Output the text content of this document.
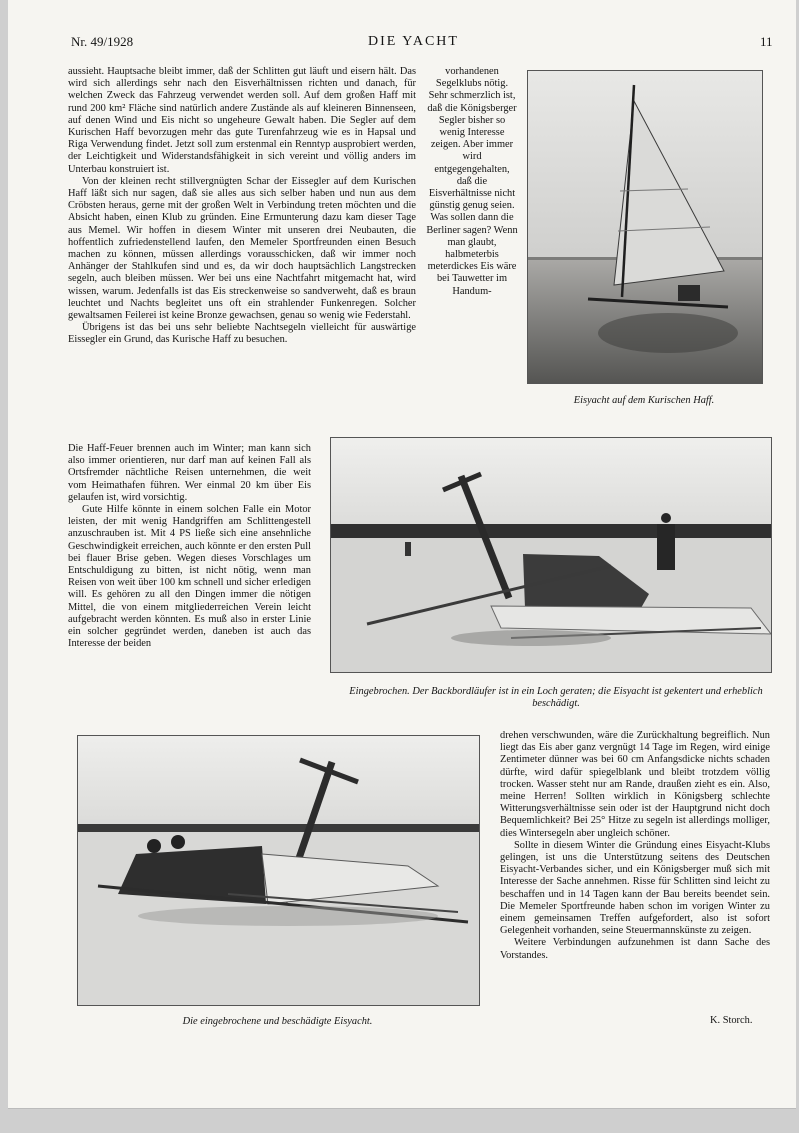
Nr. 49/1928	DIE YACHT	11

aussieht. Hauptsache bleibt immer, daß der Schlitten gut läuft und eisern hält. Das wird sich allerdings sehr nach den Eisverhältnissen richten und danach, für welchen Zweck das Fahrzeug verwendet werden soll. Auf dem großen Haff mit rund 200 km² Fläche sind natürlich andere Zustände als auf kleineren Binnenseen, auf denen Wind und Eis nicht so ungeheure Gewalt haben. Die Segler auf dem Kurischen Haff bevorzugen mehr das gute Turenfahrzeug wie es in Hapsal und Riga Verwendung findet. Jetzt soll zum erstenmal ein Renntyp ausprobiert werden, der Leichtigkeit und Widerstandsfähigkeit in sich vereint und völlig anders im Unterbau konstruiert ist.

Von der kleinen recht stillvergnügten Schar der Eissegler auf dem Kurischen Haff läßt sich nur sagen, daß sie alles aus sich selber haben und nun aus dem Cröbsten heraus, gerne mit der großen Welt in Verbindung treten möchten und die Absicht haben, einen Klub zu gründen. Eine Ermunterung dazu kam dieser Tage aus Memel. Wir hoffen in diesem Winter mit unseren drei Neubauten, die hoffentlich zufriedenstellend laufen, den Memeler Sportfreunden einen Besuch machen zu können, müssen allerdings vorausschicken, daß wir immer noch Anhänger der Stahlkufen sind und es, da wir doch hauptsächlich Langstrecken segeln, auch bleiben müssen. Wer bei uns eine Nachtfahrt mitgemacht hat, wird wissen, warum. Jedenfalls ist das Eis streckenweise so sandverweht, daß es braun leuchtet und Nachts begleitet uns oft ein strahlender Funkenregen. Solcher gewaltsamen Feilerei ist keine Bronze gewachsen, genau so wenig wie Federstahl.

Übrigens ist das bei uns sehr beliebte Nachtsegeln vielleicht für auswärtige Eissegler ein Grund, das Kurische Haff zu besuchen.

Die Haff-Feuer brennen auch im Winter; man kann sich also immer orientieren, nur darf man auf keinen Fall als Ortsfremder nächtliche Reisen unternehmen, die weit vom Heimathafen führen. Wer einmal 20 km über Eis gelaufen ist, wird vorsichtig.

Gute Hilfe könnte in einem solchen Falle ein Motor leisten, der mit wenig Handgriffen am Schlittengestell anzuschrauben ist. Mit 4 PS ließe sich eine ansehnliche Geschwindigkeit erreichen, auch könnte er den ersten Pull bei flauer Brise geben. Wegen dieses Vorschlages um Entschuldigung zu bitten, ist nicht nötig, wenn man Reisen von weit über 100 km schnell und sicher erledigen will. Es gehören zu all den Dingen immer die nötigen Mittel, die von einem mitgliederreichen Verein leicht aufgebracht werden könnten. Es muß also in erster Linie ein solcher gegründet werden, daneben ist auch das Interesse der beiden

vorhandenen Segelklubs nötig. Sehr schmerzlich ist, daß die Königsberger Segler bisher so wenig Interesse zeigen. Aber immer wird entgegengehalten, daß die Eisverhältnisse nicht günstig genug seien. Was sollen dann die Berliner sagen? Wenn man glaubt, halbmeterbis meterdickes Eis wäre bei Tauwetter im Handum-

Eisyacht auf dem Kurischen Haff.
Eingebrochen. Der Backbordläufer ist in ein Loch geraten; die Eisyacht ist gekentert und erheblich beschädigt.
Die eingebrochene und beschädigte Eisyacht.

drehen verschwunden, wäre die Zurückhaltung begreiflich. Nun liegt das Eis aber ganz vergnügt 14 Tage im Regen, wird einige Zentimeter dünner was bei 60 cm Anfangsdicke nichts schaden dürfte, wird dafür spiegelblank und bleibt trotzdem völlig trocken. Wasser steht nur am Rande, draußen zieht es ein. Also, meine Herren! Sollten wirklich in Königsberg schlechte Witterungsverhältnisse sein oder ist der Hauptgrund nicht doch Bequemlichkeit? Bei 25° Hitze zu segeln ist allerdings molliger, dies Wintersegeln aber ungleich schöner.

Sollte in diesem Winter die Gründung eines Eisyacht-Klubs gelingen, ist uns die Unterstützung seitens des Deutschen Eisyacht-Verbandes sicher, und ein Königsberger muß sich mit Interesse der Sache annehmen. Risse für Schlitten sind leicht zu beschaffen und in 14 Tagen kann der Bau bereits beendet sein. Die Memeler Sportfreunde haben schon im vorigen Winter zu einem gemeinsamen Treffen aufgefordert, also ist sofort Gelegenheit vorhanden, seine Steuermannskünste zu zeigen.

Weitere Verbindungen aufzunehmen ist dann Sache des Vorstandes.

K. Storch.
